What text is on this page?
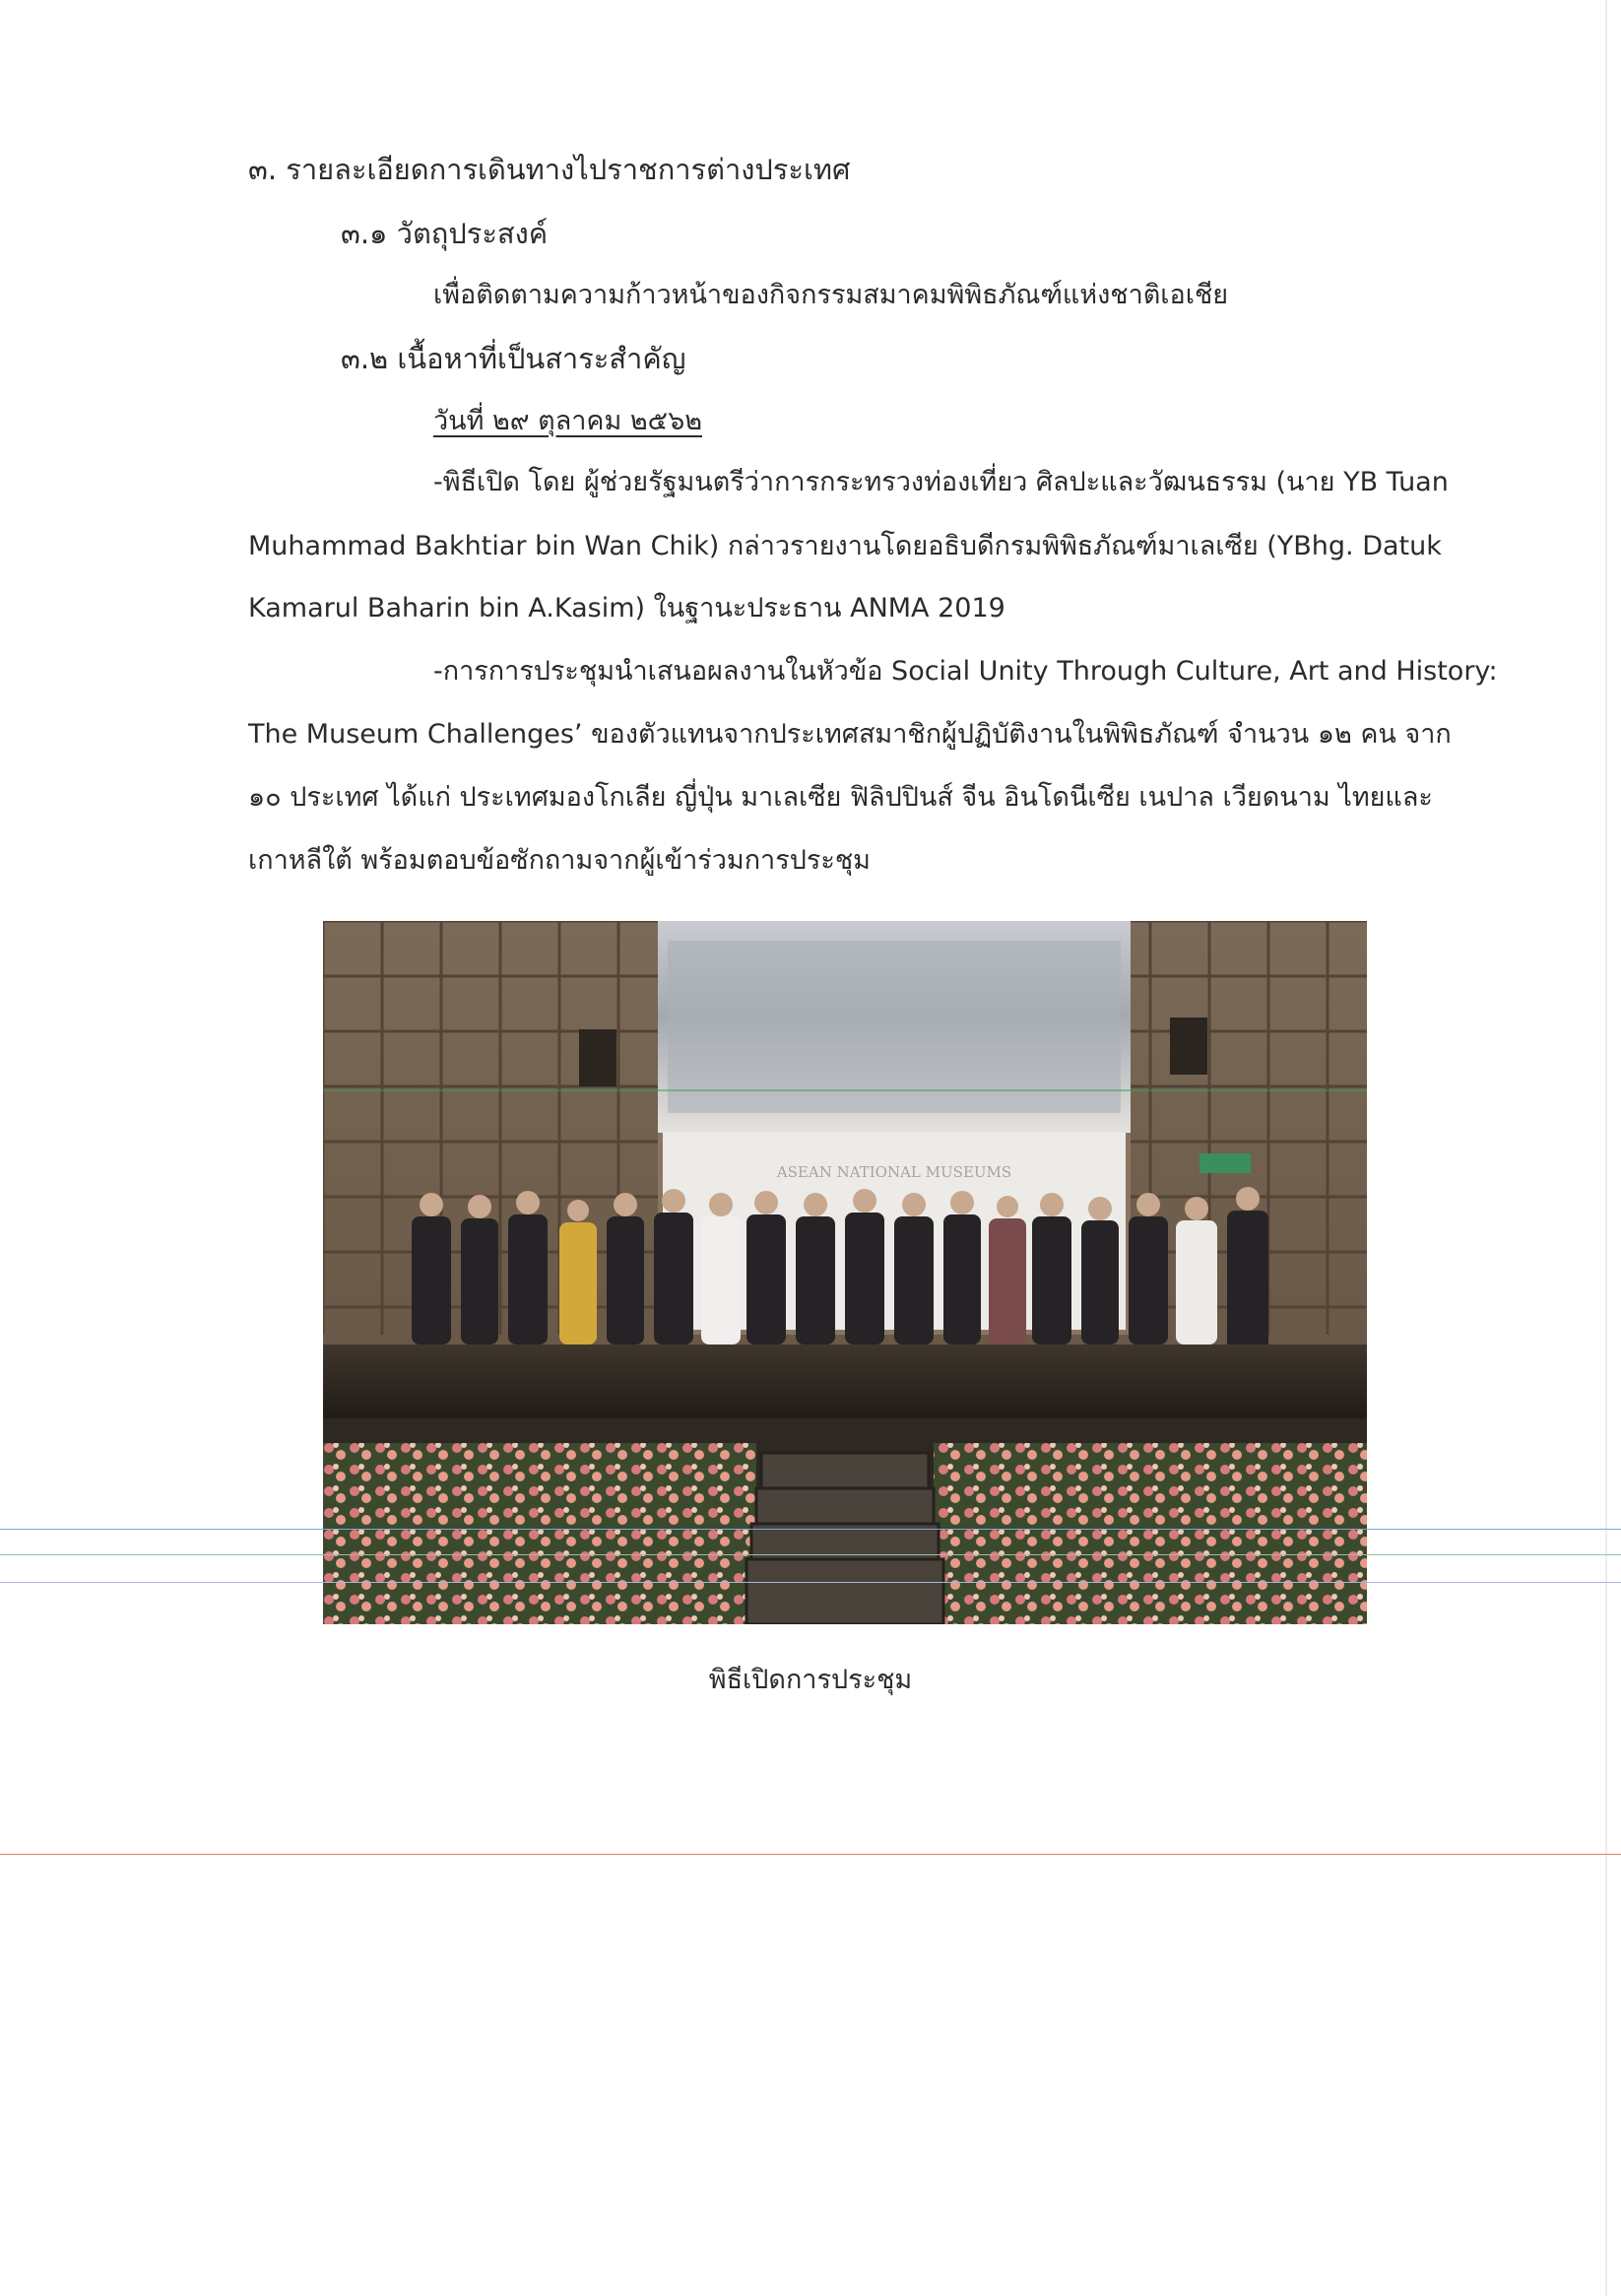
๓. รายละเอียดการเดินทางไปราชการต่างประเทศ
๓.๑ วัตถุประสงค์
เพื่อติดตามความก้าวหน้าของกิจกรรมสมาคมพิพิธภัณฑ์แห่งชาติเอเชีย
๓.๒ เนื้อหาที่เป็นสาระสำคัญ
วันที่ ๒๙ ตุลาคม ๒๕๖๒
-พิธีเปิด โดย ผู้ช่วยรัฐมนตรีว่าการกระทรวงท่องเที่ยว ศิลปะและวัฒนธรรม (นาย YB Tuan
Muhammad Bakhtiar bin Wan Chik) กล่าวรายงานโดยอธิบดีกรมพิพิธภัณฑ์มาเลเซีย (YBhg. Datuk
Kamarul Baharin bin A.Kasim) ในฐานะประธาน ANMA 2019
-การการประชุมนำเสนอผลงานในหัวข้อ Social Unity Through Culture, Art and History:
The Museum Challenges’ ของตัวแทนจากประเทศสมาชิกผู้ปฏิบัติงานในพิพิธภัณฑ์ จำนวน ๑๒ คน จาก
๑๐ ประเทศ ได้แก่ ประเทศมองโกเลีย ญี่ปุ่น มาเลเซีย ฟิลิปปินส์ จีน อินโดนีเซีย เนปาล เวียดนาม ไทยและ
เกาหลีใต้ พร้อมตอบข้อซักถามจากผู้เข้าร่วมการประชุม
ASEAN NATIONAL MUSEUMS
พิธีเปิดการประชุม
